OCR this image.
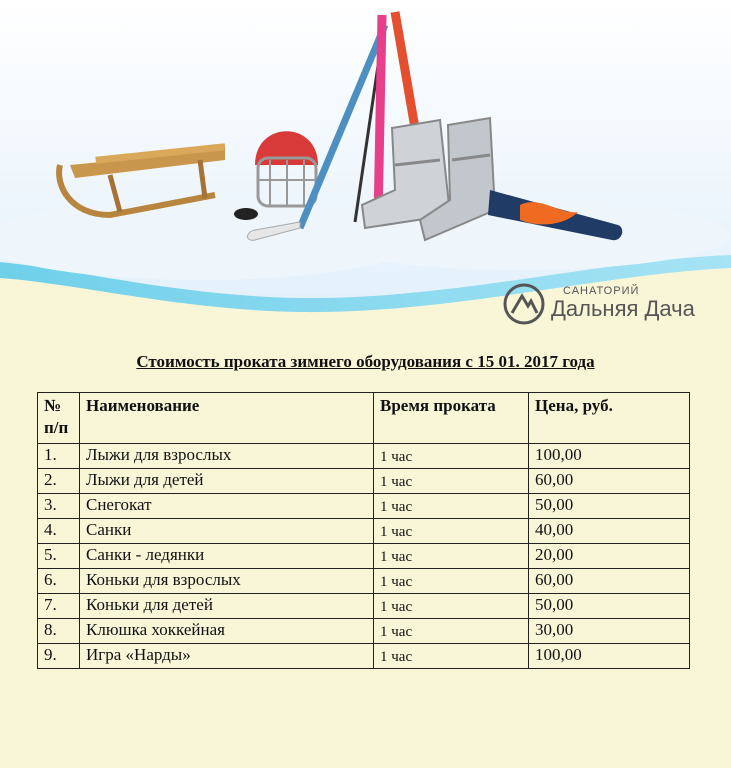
САНАТОРИЙ
Дальняя Дача
Стоимость проката зимнего оборудования с 15 01. 2017 года
№ п/п	Наименование	Время проката	Цена, руб.
1.	Лыжи для взрослых	1 час	100,00
2.	Лыжи для детей	1 час	60,00
3.	Снегокат	1 час	50,00
4.	Санки	1 час	40,00
5.	Санки - ледянки	1 час	20,00
6.	Коньки для взрослых	1 час	60,00
7.	Коньки для детей	1 час	50,00
8.	Клюшка хоккейная	1 час	30,00
9.	Игра «Нарды»	1 час	100,00
